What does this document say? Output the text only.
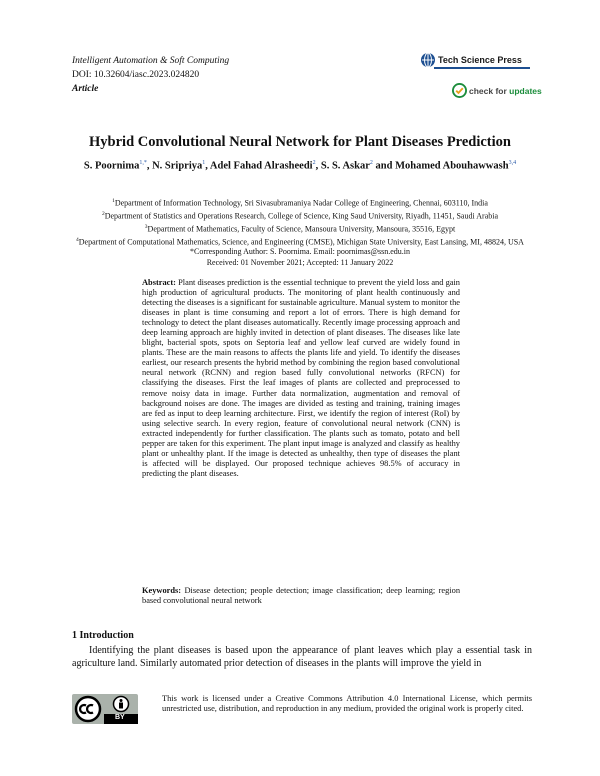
Intelligent Automation & Soft Computing
DOI: 10.32604/iasc.2023.024820
Article
Tech Science Press
check for updates
Hybrid Convolutional Neural Network for Plant Diseases Prediction
S. Poornima$^{1,*}$, N. Sripriya$^1$, Adel Fahad Alrasheedi$^2$, S. S. Askar$^2$ and Mohamed Abouhawwash$^{3,4}$
$^1$Department of Information Technology, Sri Sivasubramaniya Nadar College of Engineering, Chennai, 603110, India
$^2$Department of Statistics and Operations Research, College of Science, King Saud University, Riyadh, 11451, Saudi Arabia
$^3$Department of Mathematics, Faculty of Science, Mansoura University, Mansoura, 35516, Egypt
$^4$Department of Computational Mathematics, Science, and Engineering (CMSE), Michigan State University, East Lansing, MI, 48824, USA
*Corresponding Author: S. Poornima. Email: poornimas@ssn.edu.in
Received: 01 November 2021; Accepted: 11 January 2022
Abstract: Plant diseases prediction is the essential technique to prevent the yield loss and gain high production of agricultural products. The monitoring of plant health continuously and detecting the diseases is a significant for sustainable agriculture. Manual system to monitor the diseases in plant is time consuming and report a lot of errors. There is high demand for technology to detect the plant diseases automatically. Recently image processing approach and deep learning approach are highly invited in detection of plant diseases. The diseases like late blight, bacterial spots, spots on Septoria leaf and yellow leaf curved are widely found in plants. These are the main reasons to affects the plants life and yield. To identify the diseases earliest, our research presents the hybrid method by combining the region based convolutional neural network (RCNN) and region based fully convolutional networks (RFCN) for classifying the diseases. First the leaf images of plants are collected and preprocessed to remove noisy data in image. Further data normalization, augmentation and removal of background noises are done. The images are divided as testing and training, training images are fed as input to deep learning architecture. First, we identify the region of interest (RoI) by using selective search. In every region, feature of convolutional neural network (CNN) is extracted independently for further classification. The plants such as tomato, potato and bell pepper are taken for this experiment. The plant input image is analyzed and classify as healthy plant or unhealthy plant. If the image is detected as unhealthy, then type of diseases the plant is affected will be displayed. Our proposed technique achieves 98.5% of accuracy in predicting the plant diseases.
Keywords: Disease detection; people detection; image classification; deep learning; region based convolutional neural network
1 Introduction
Identifying the plant diseases is based upon the appearance of plant leaves which play a essential task in agriculture land. Similarly automated prior detection of diseases in the plants will improve the yield in
BY
This work is licensed under a Creative Commons Attribution 4.0 International License, which permits unrestricted use, distribution, and reproduction in any medium, provided the original work is properly cited.
